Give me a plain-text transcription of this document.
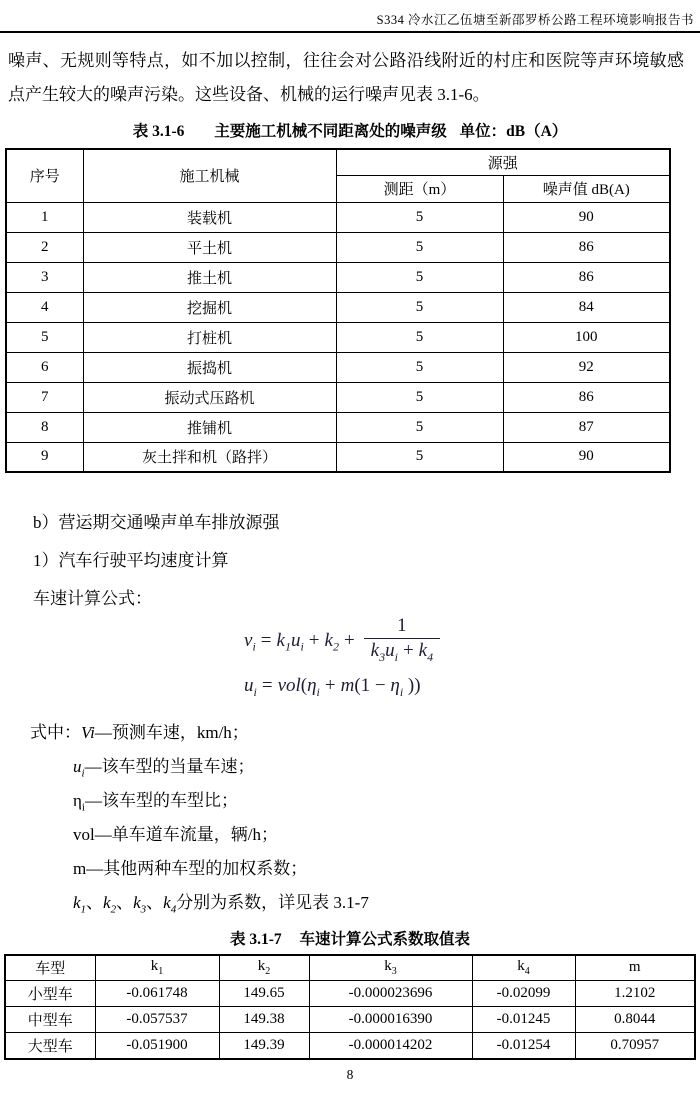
S334 冷水江乙伍塘至新邵罗桥公路工程环境影响报告书

噪声、无规则等特点，如不加以控制，往往会对公路沿线附近的村庄和医院等声环境敏感点产生较大的噪声污染。这些设备、机械的运行噪声见表 3.1‐6。

表 3.1‐6 主要施工机械不同距离处的噪声级 单位：dB（A）
序号	施工机械	源强	
		测距（m）	噪声值 dB(A)
1	装载机	5	90
2	平土机	5	86
3	推土机	5	86
4	挖掘机	5	84
5	打桩机	5	100
6	振捣机	5	92
7	振动式压路机	5	86
8	推铺机	5	87
9	灰土拌和机（路拌）	5	90
b）营运期交通噪声单车排放源强
1）汽车行驶平均速度计算
车速计算公式：
$v_i = k_1u_i + k_2 + \frac{1}{k_3u_i + k_4}$
$u_i = vol(\eta_i + m(1 - \eta_i$ ))
式中：Vi—预测车速，km/h；
$u_i—$该车型的当量车速；
$\eta_i—$该车型的车型比；
vol—单车道车流量，辆/h；
m—其他两种车型的加权系数；
$k_1$、$k_2$、$k_3$、$k_4$分别为系数，详见表 3.1‐7
表 3.1‐7 车速计算公式系数取值表
车型	$k_1$	$k_2$	$k_3$	$k_4$	m
小型车	-0.061748	149.65	-0.000023696	-0.02099	1.2102
中型车	-0.057537	149.38	-0.000016390	-0.01245	0.8044
大型车	-0.051900	149.39	-0.000014202	-0.01254	0.70957
8
